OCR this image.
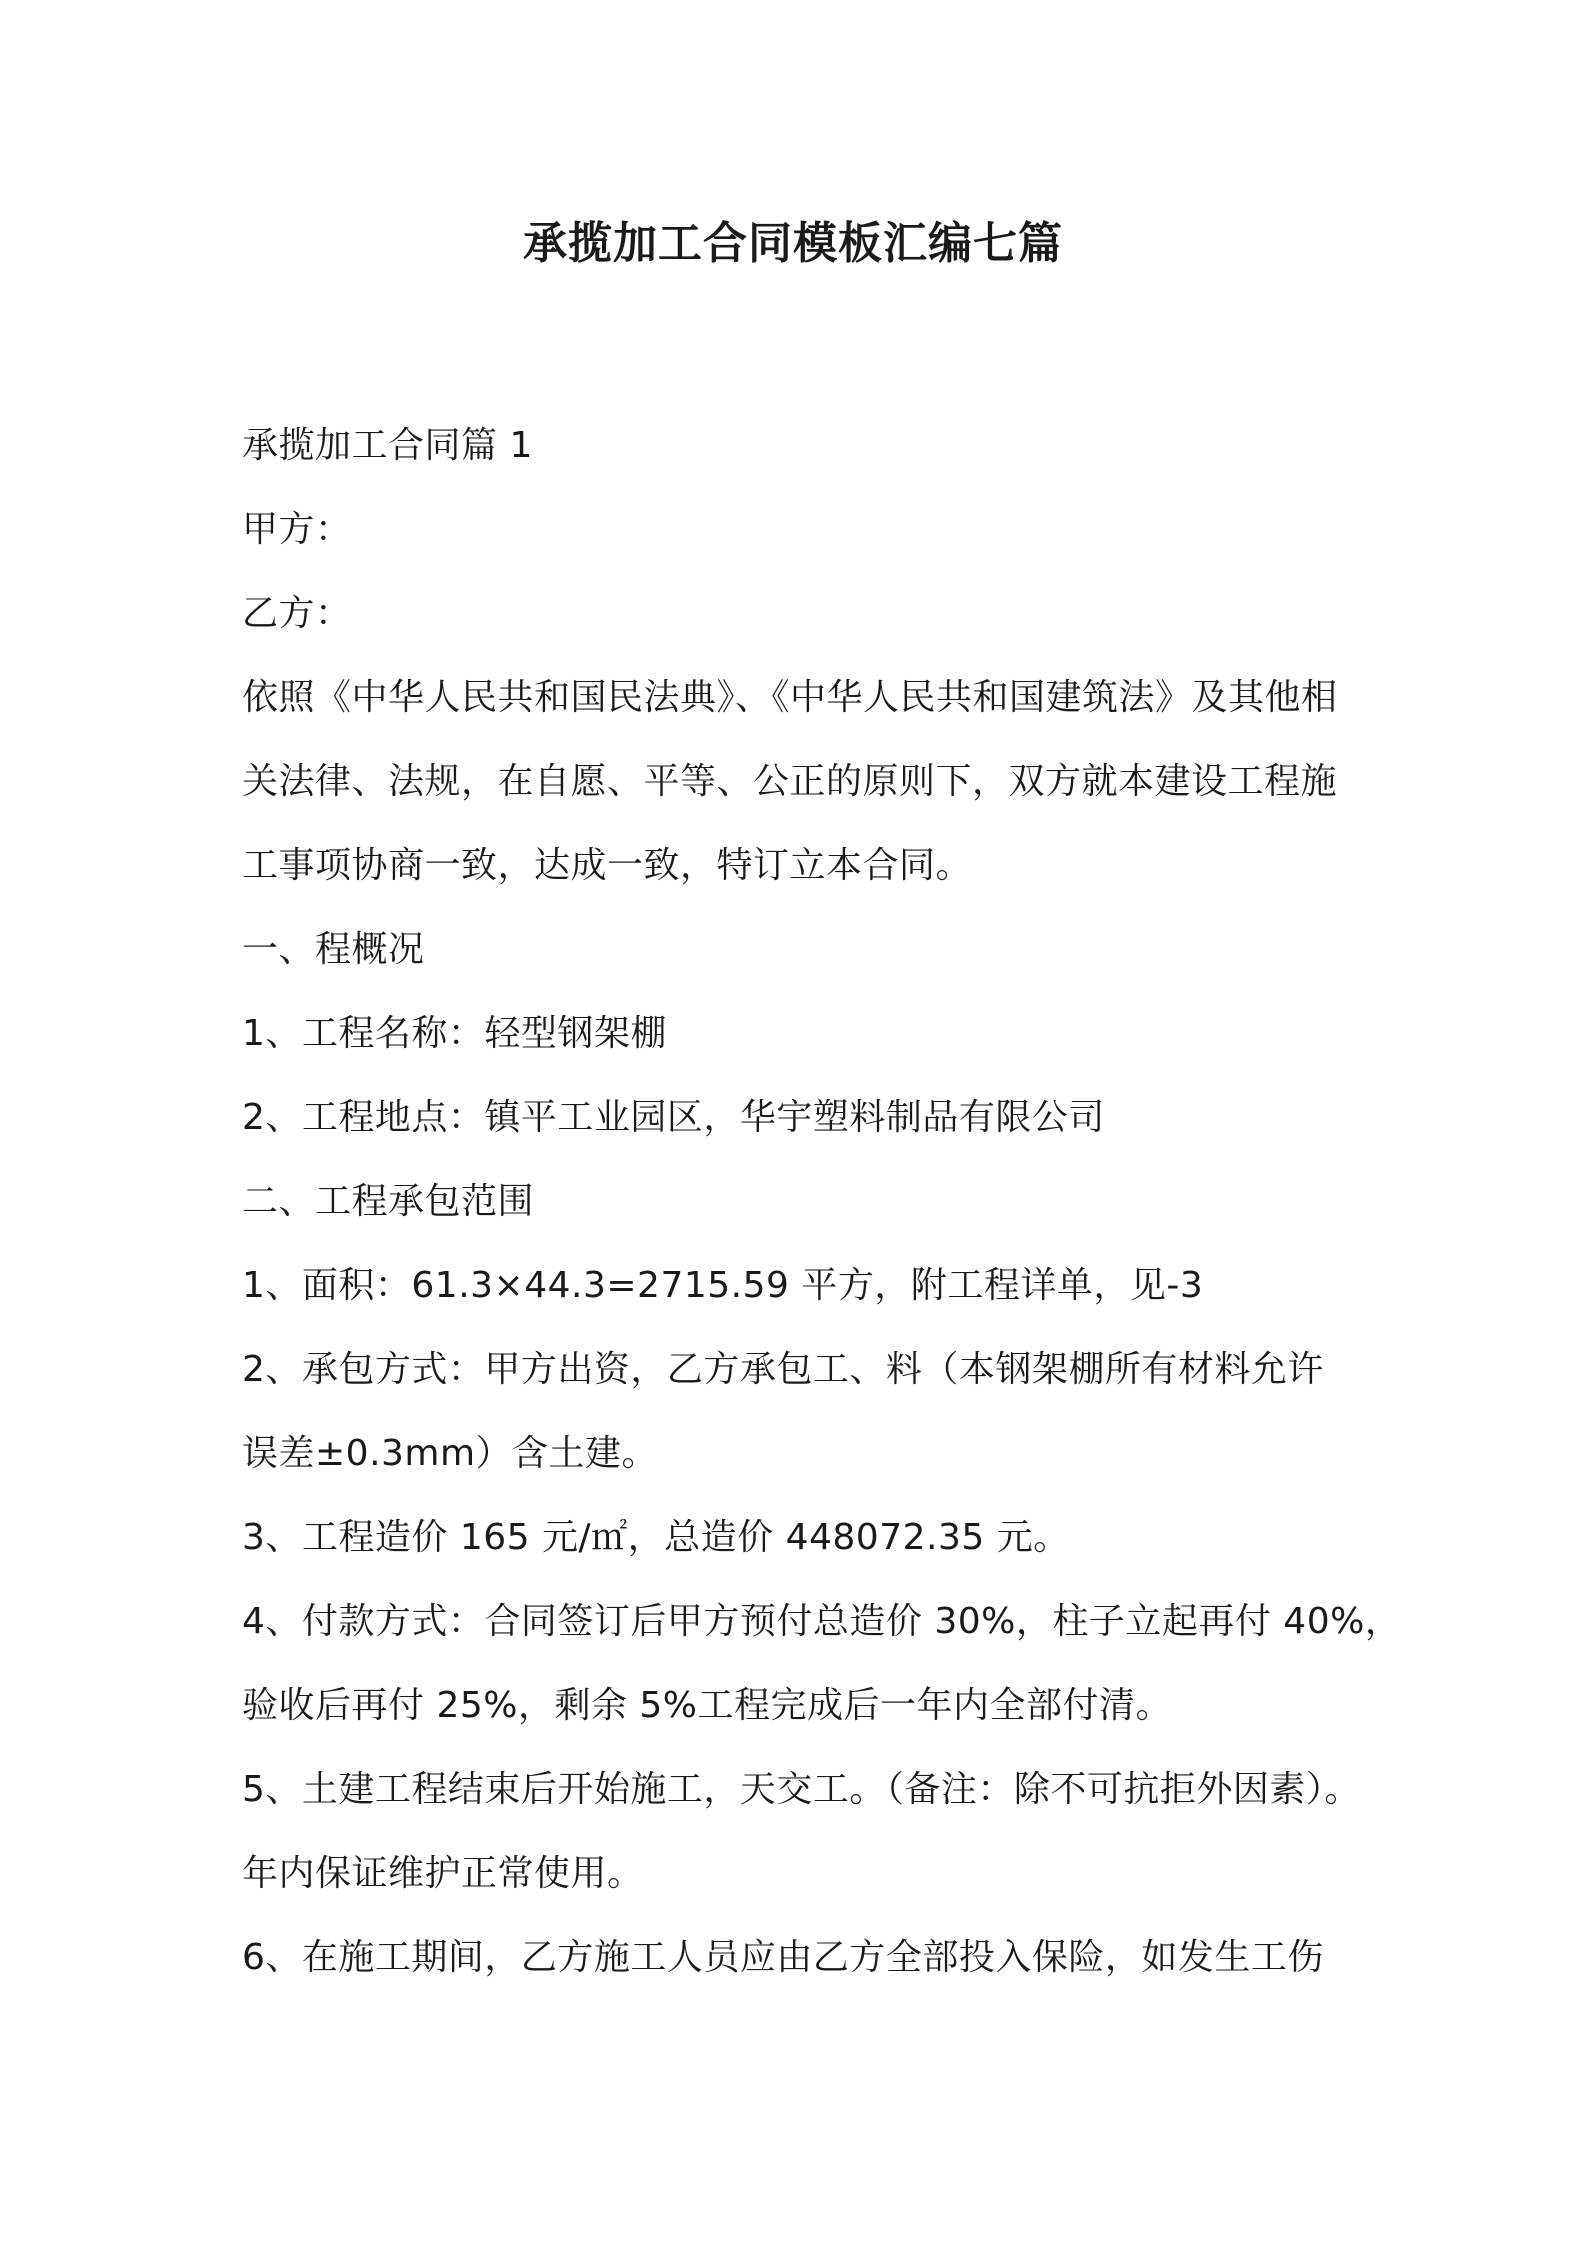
承揽加工合同模板汇编七篇
承揽加工合同篇 1
甲方：
乙方：
依照《中华人民共和国民法典》、《中华人民共和国建筑法》及其他相
关法律、法规，在自愿、平等、公正的原则下，双方就本建设工程施
工事项协商一致，达成一致，特订立本合同。
一、程概况
1、工程名称：轻型钢架棚
2、工程地点：镇平工业园区，华宇塑料制品有限公司
二、工程承包范围
1、面积：61.3×44.3=2715.59 平方，附工程详单，见-3
2、承包方式：甲方出资，乙方承包工、料（本钢架棚所有材料允许
误差±0.3mm）含土建。
3、工程造价 165 元/㎡，总造价 448072.35 元。
4、付款方式：合同签订后甲方预付总造价 30%，柱子立起再付 40%，
验收后再付 25%，剩余 5%工程完成后一年内全部付清。
5、土建工程结束后开始施工，天交工。（备注：除不可抗拒外因素）。
年内保证维护正常使用。
6、在施工期间，乙方施工人员应由乙方全部投入保险，如发生工伤
